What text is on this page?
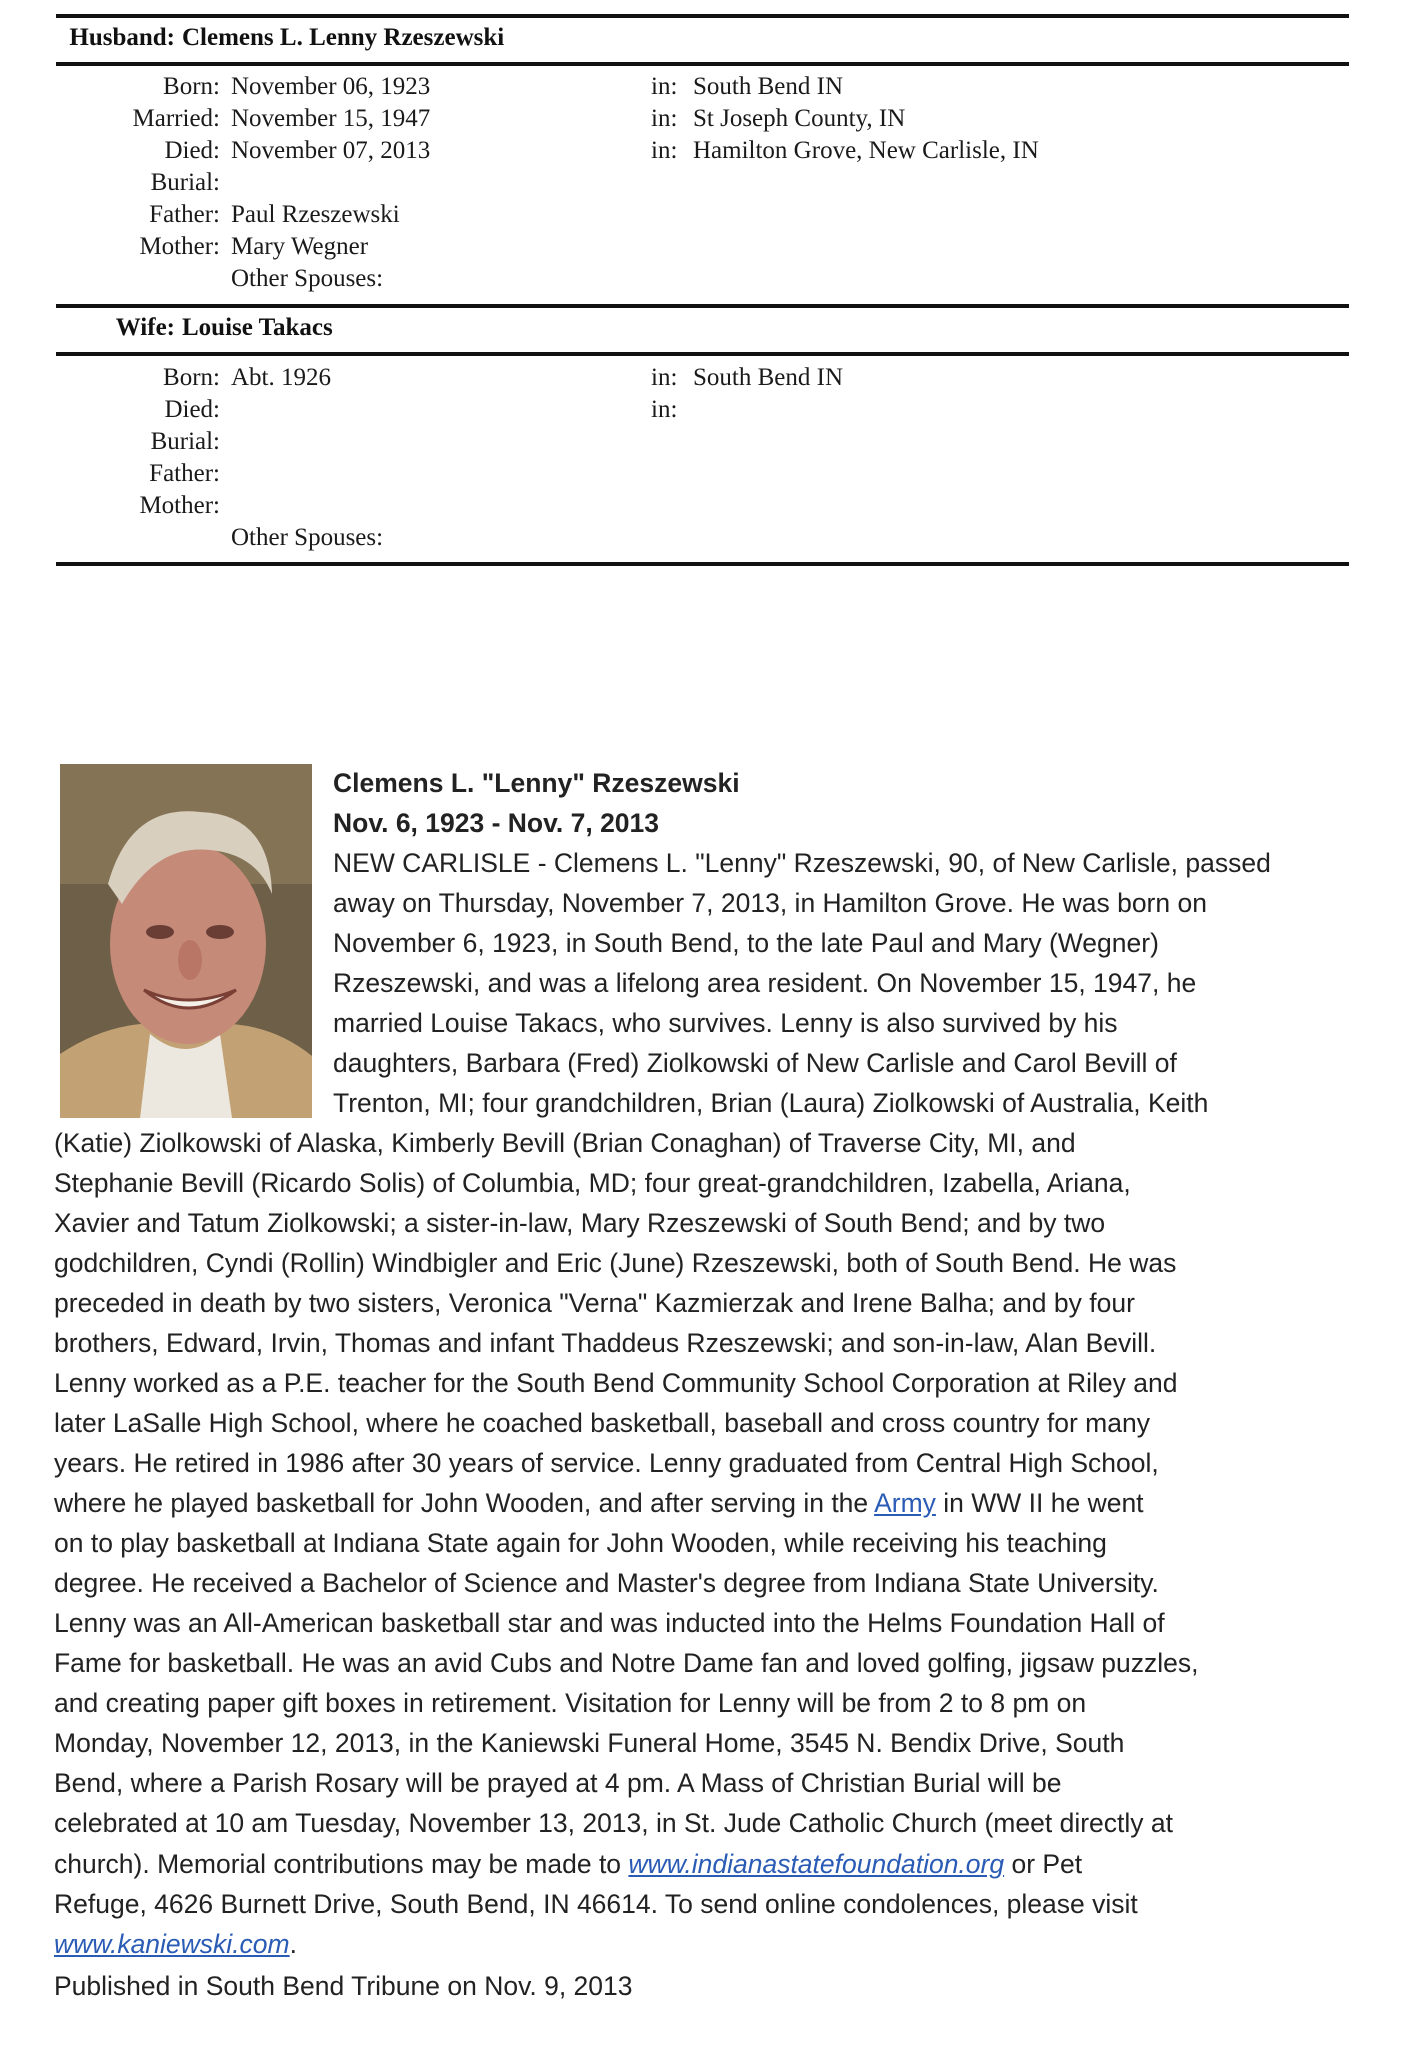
Husband: Clemens L. Lenny Rzeszewski
Born: November 06, 1923	in: South Bend IN
Married: November 15, 1947	in: St Joseph County, IN
Died: November 07, 2013	in: Hamilton Grove, New Carlisle, IN
Burial:
Father: Paul Rzeszewski
Mother: Mary Wegner
Other Spouses:
Wife: Louise Takacs
Born: Abt. 1926	in: South Bend IN
Died:	in:
Burial:
Father:
Mother:
Other Spouses:
Clemens L. "Lenny" Rzeszewski
Nov. 6, 1923 - Nov. 7, 2013
NEW CARLISLE - Clemens L. "Lenny" Rzeszewski, 90, of New Carlisle, passed
away on Thursday, November 7, 2013, in Hamilton Grove. He was born on
November 6, 1923, in South Bend, to the late Paul and Mary (Wegner)
Rzeszewski, and was a lifelong area resident. On November 15, 1947, he
married Louise Takacs, who survives. Lenny is also survived by his
daughters, Barbara (Fred) Ziolkowski of New Carlisle and Carol Bevill of
Trenton, MI; four grandchildren, Brian (Laura) Ziolkowski of Australia, Keith
(Katie) Ziolkowski of Alaska, Kimberly Bevill (Brian Conaghan) of Traverse City, MI, and
Stephanie Bevill (Ricardo Solis) of Columbia, MD; four great-grandchildren, Izabella, Ariana,
Xavier and Tatum Ziolkowski; a sister-in-law, Mary Rzeszewski of South Bend; and by two
godchildren, Cyndi (Rollin) Windbigler and Eric (June) Rzeszewski, both of South Bend. He was
preceded in death by two sisters, Veronica "Verna" Kazmierzak and Irene Balha; and by four
brothers, Edward, Irvin, Thomas and infant Thaddeus Rzeszewski; and son-in-law, Alan Bevill.
Lenny worked as a P.E. teacher for the South Bend Community School Corporation at Riley and
later LaSalle High School, where he coached basketball, baseball and cross country for many
years. He retired in 1986 after 30 years of service. Lenny graduated from Central High School,
where he played basketball for John Wooden, and after serving in the Army in WW II he went
on to play basketball at Indiana State again for John Wooden, while receiving his teaching
degree. He received a Bachelor of Science and Master's degree from Indiana State University.
Lenny was an All-American basketball star and was inducted into the Helms Foundation Hall of
Fame for basketball. He was an avid Cubs and Notre Dame fan and loved golfing, jigsaw puzzles,
and creating paper gift boxes in retirement. Visitation for Lenny will be from 2 to 8 pm on
Monday, November 12, 2013, in the Kaniewski Funeral Home, 3545 N. Bendix Drive, South
Bend, where a Parish Rosary will be prayed at 4 pm. A Mass of Christian Burial will be
celebrated at 10 am Tuesday, November 13, 2013, in St. Jude Catholic Church (meet directly at
church). Memorial contributions may be made to www.indianastatefoundation.org or Pet
Refuge, 4626 Burnett Drive, South Bend, IN 46614. To send online condolences, please visit
www.kaniewski.com.
Published in South Bend Tribune on Nov. 9, 2013
